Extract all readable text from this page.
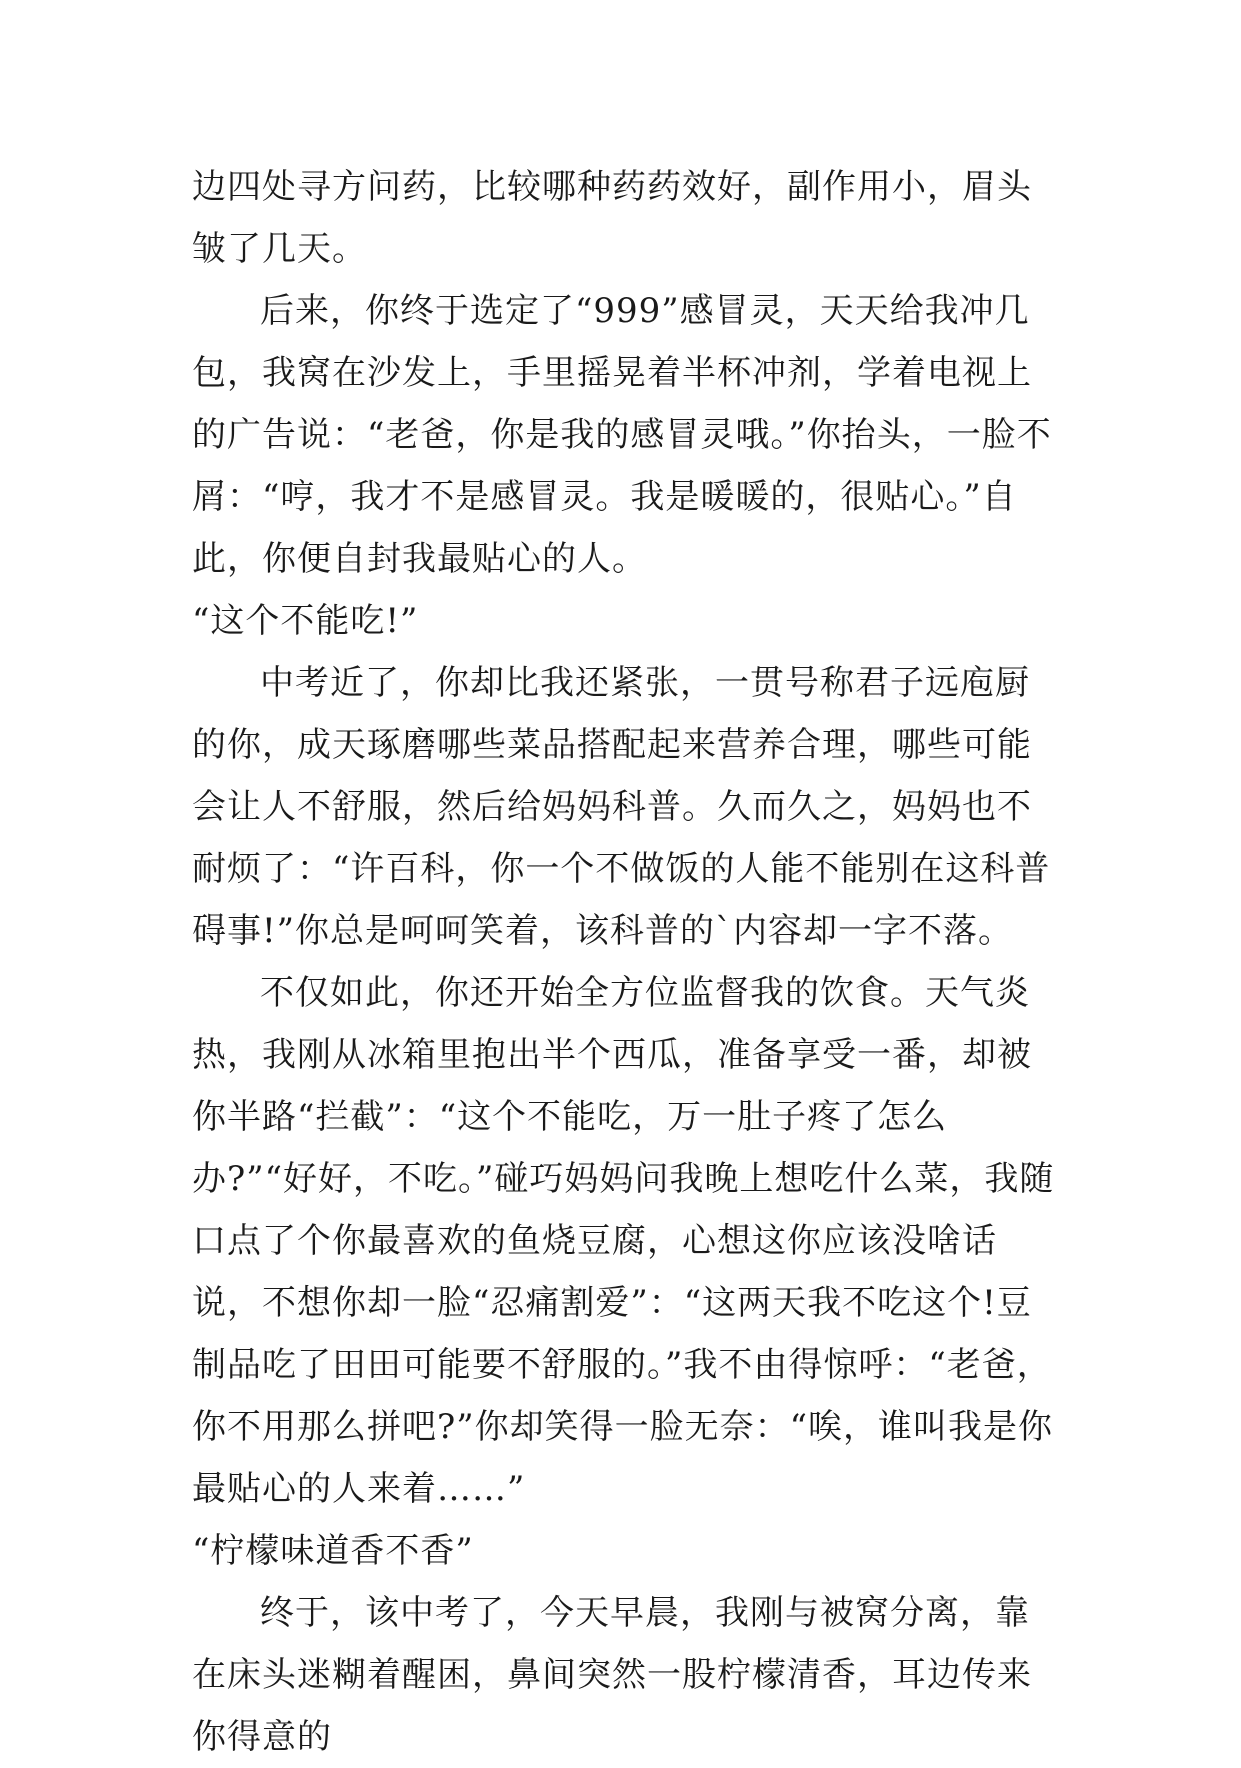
边四处寻方问药，比较哪种药药效好，副作用小，眉头皱了几天。

后来，你终于选定了“999”感冒灵，天天给我冲几包，我窝在沙发上，手里摇晃着半杯冲剂，学着电视上的广告说：“老爸，你是我的感冒灵哦。”你抬头，一脸不屑：“哼，我才不是感冒灵。我是暖暖的，很贴心。”自此，你便自封我最贴心的人。

“这个不能吃!”

中考近了，你却比我还紧张，一贯号称君子远庖厨的你，成天琢磨哪些菜品搭配起来营养合理，哪些可能会让人不舒服，然后给妈妈科普。久而久之，妈妈也不耐烦了：“许百科，你一个不做饭的人能不能别在这科普碍事!”你总是呵呵笑着，该科普的`内容却一字不落。

不仅如此，你还开始全方位监督我的饮食。天气炎热，我刚从冰箱里抱出半个西瓜，准备享受一番，却被你半路“拦截”：“这个不能吃，万一肚子疼了怎么办?”“好好，不吃。”碰巧妈妈问我晚上想吃什么菜，我随口点了个你最喜欢的鱼烧豆腐，心想这你应该没啥话说，不想你却一脸“忍痛割爱”：“这两天我不吃这个!豆制品吃了田田可能要不舒服的。”我不由得惊呼：“老爸，你不用那么拼吧?”你却笑得一脸无奈：“唉，谁叫我是你最贴心的人来着……”

“柠檬味道香不香”

终于，该中考了，今天早晨，我刚与被窝分离，靠在床头迷糊着醒困，鼻间突然一股柠檬清香，耳边传来你得意的
